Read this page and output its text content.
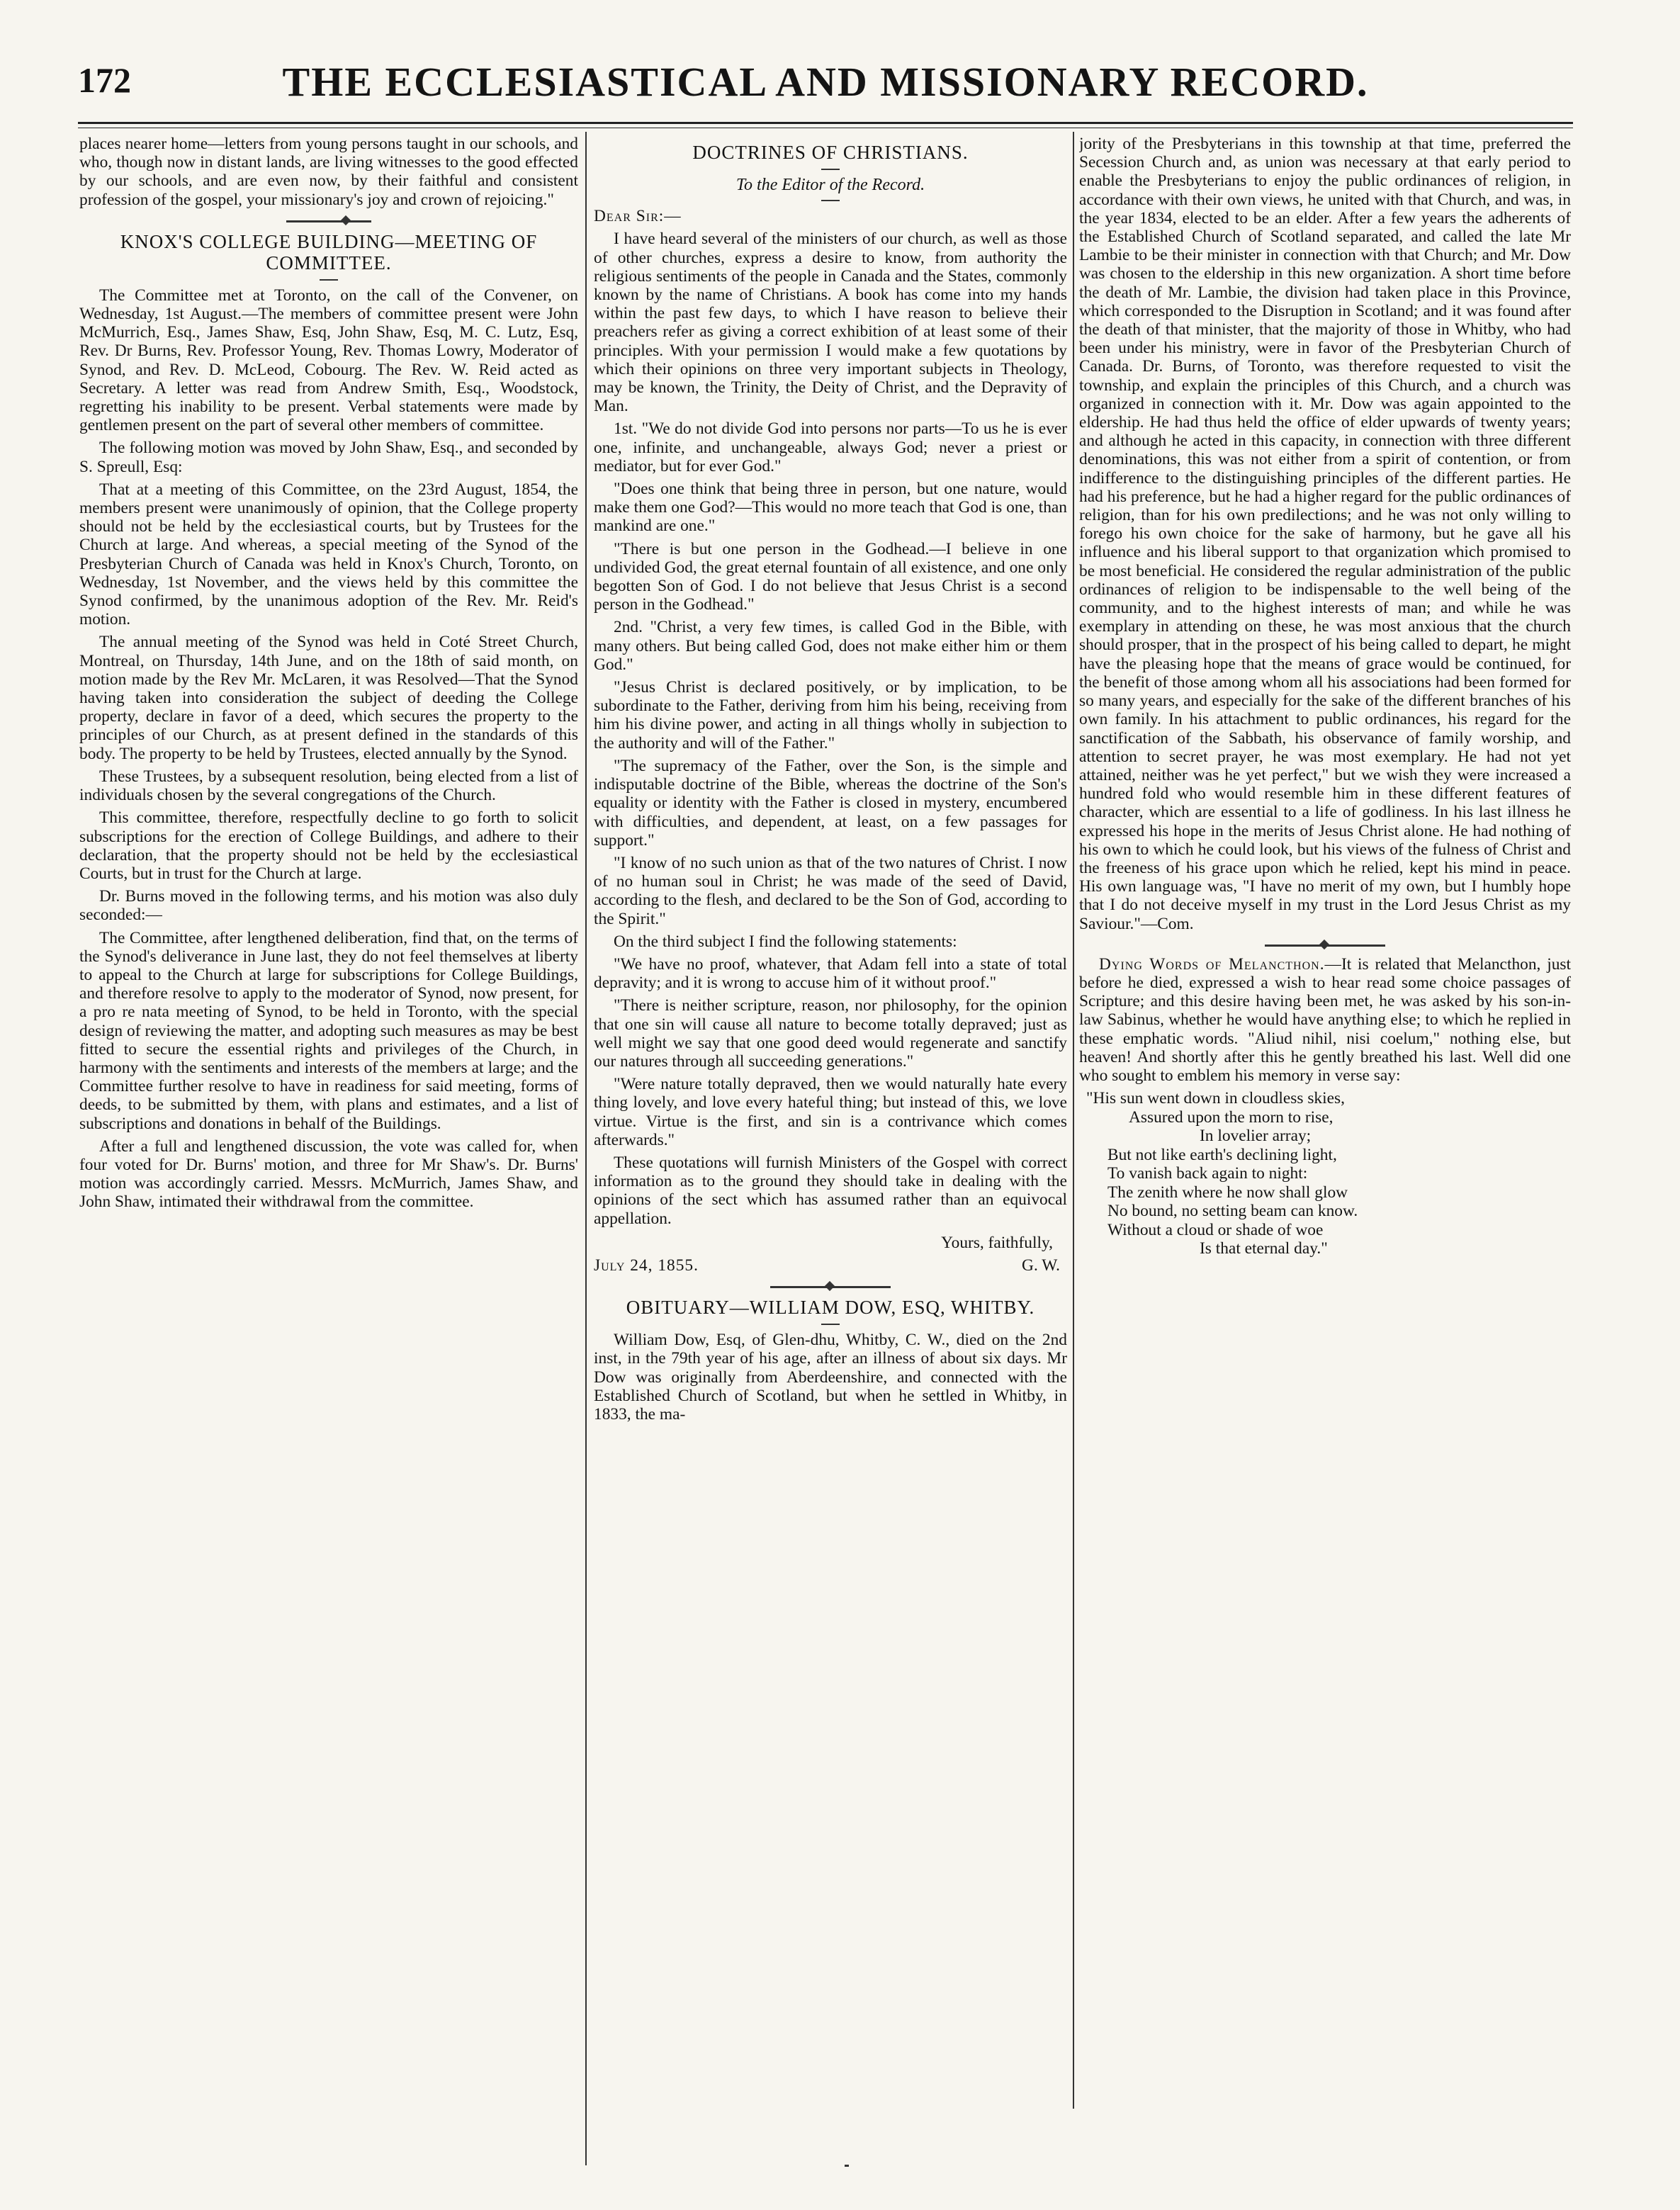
172	THE ECCLESIASTICAL AND MISSIONARY RECORD.

places nearer home—letters from young persons taught in our schools, and who, though now in distant lands, are living witnesses to the good effected by our schools, and are even now, by their faithful and consistent profession of the gospel, your missionary's joy and crown of rejoicing."

KNOX'S COLLEGE BUILDING—MEETING OF COMMITTEE.

The Committee met at Toronto, on the call of the Convener, on Wednesday, 1st August.—The members of committee present were John McMurrich, Esq., James Shaw, Esq, John Shaw, Esq, M. C. Lutz, Esq, Rev. Dr Burns, Rev. Professor Young, Rev. Thomas Lowry, Moderator of Synod, and Rev. D. McLeod, Cobourg. The Rev. W. Reid acted as Secretary. A letter was read from Andrew Smith, Esq., Woodstock, regretting his inability to be present. Verbal statements were made by gentlemen present on the part of several other members of committee.

The following motion was moved by John Shaw, Esq., and seconded by S. Spreull, Esq:

That at a meeting of this Committee, on the 23rd August, 1854, the members present were unanimously of opinion, that the College property should not be held by the ecclesiastical courts, but by Trustees for the Church at large. And whereas, a special meeting of the Synod of the Presbyterian Church of Canada was held in Knox's Church, Toronto, on Wednesday, 1st November, and the views held by this committee the Synod confirmed, by the unanimous adoption of the Rev. Mr. Reid's motion.

The annual meeting of the Synod was held in Coté Street Church, Montreal, on Thursday, 14th June, and on the 18th of said month, on motion made by the Rev Mr. McLaren, it was Resolved—That the Synod having taken into consideration the subject of deeding the College property, declare in favor of a deed, which secures the property to the principles of our Church, as at present defined in the standards of this body. The property to be held by Trustees, elected annually by the Synod.

These Trustees, by a subsequent resolution, being elected from a list of individuals chosen by the several congregations of the Church.

This committee, therefore, respectfully decline to go forth to solicit subscriptions for the erection of College Buildings, and adhere to their declaration, that the property should not be held by the ecclesiastical Courts, but in trust for the Church at large.

Dr. Burns moved in the following terms, and his motion was also duly seconded:—

The Committee, after lengthened deliberation, find that, on the terms of the Synod's deliverance in June last, they do not feel themselves at liberty to appeal to the Church at large for subscriptions for College Buildings, and therefore resolve to apply to the moderator of Synod, now present, for a pro re nata meeting of Synod, to be held in Toronto, with the special design of reviewing the matter, and adopting such measures as may be best fitted to secure the essential rights and privileges of the Church, in harmony with the sentiments and interests of the members at large; and the Committee further resolve to have in readiness for said meeting, forms of deeds, to be submitted by them, with plans and estimates, and a list of subscriptions and donations in behalf of the Buildings.

After a full and lengthened discussion, the vote was called for, when four voted for Dr. Burns' motion, and three for Mr Shaw's. Dr. Burns' motion was accordingly carried. Messrs. McMurrich, James Shaw, and John Shaw, intimated their withdrawal from the committee.

DOCTRINES OF CHRISTIANS.
To the Editor of the Record.

Dear Sir:—

I have heard several of the ministers of our church, as well as those of other churches, express a desire to know, from authority the religious sentiments of the people in Canada and the States, commonly known by the name of Christians. A book has come into my hands within the past few days, to which I have reason to believe their preachers refer as giving a correct exhibition of at least some of their principles. With your permission I would make a few quotations by which their opinions on three very important subjects in Theology, may be known, the Trinity, the Deity of Christ, and the Depravity of Man.

1st. "We do not divide God into persons nor parts—To us he is ever one, infinite, and unchangeable, always God; never a priest or mediator, but for ever God."

"Does one think that being three in person, but one nature, would make them one God?—This would no more teach that God is one, than mankind are one."

"There is but one person in the Godhead.—I believe in one undivided God, the great eternal fountain of all existence, and one only begotten Son of God. I do not believe that Jesus Christ is a second person in the Godhead."

2nd. "Christ, a very few times, is called God in the Bible, with many others. But being called God, does not make either him or them God."

"Jesus Christ is declared positively, or by implication, to be subordinate to the Father, deriving from him his being, receiving from him his divine power, and acting in all things wholly in subjection to the authority and will of the Father."

"The supremacy of the Father, over the Son, is the simple and indisputable doctrine of the Bible, whereas the doctrine of the Son's equality or identity with the Father is closed in mystery, encumbered with difficulties, and dependent, at least, on a few passages for support."

"I know of no such union as that of the two natures of Christ. I now of no human soul in Christ; he was made of the seed of David, according to the flesh, and declared to be the Son of God, according to the Spirit."

On the third subject I find the following statements:

"We have no proof, whatever, that Adam fell into a state of total depravity; and it is wrong to accuse him of it without proof."

"There is neither scripture, reason, nor philosophy, for the opinion that one sin will cause all nature to become totally depraved; just as well might we say that one good deed would regenerate and sanctify our natures through all succeeding generations."

"Were nature totally depraved, then we would naturally hate every thing lovely, and love every hateful thing; but instead of this, we love virtue. Virtue is the first, and sin is a contrivance which comes afterwards."

These quotations will furnish Ministers of the Gospel with correct information as to the ground they should take in dealing with the opinions of the sect which has assumed rather than an equivocal appellation.

Yours, faithfully,
July 24, 1855.	G. W.
OBITUARY—WILLIAM DOW, ESQ, WHITBY.

William Dow, Esq, of Glen-dhu, Whitby, C. W., died on the 2nd inst, in the 79th year of his age, after an illness of about six days. Mr Dow was originally from Aberdeenshire, and connected with the Established Church of Scotland, but when he settled in Whitby, in 1833, the ma-

jority of the Presbyterians in this township at that time, preferred the Secession Church and, as union was necessary at that early period to enable the Presbyterians to enjoy the public ordinances of religion, in accordance with their own views, he united with that Church, and was, in the year 1834, elected to be an elder. After a few years the adherents of the Established Church of Scotland separated, and called the late Mr Lambie to be their minister in connection with that Church; and Mr. Dow was chosen to the eldership in this new organization. A short time before the death of Mr. Lambie, the division had taken place in this Province, which corresponded to the Disruption in Scotland; and it was found after the death of that minister, that the majority of those in Whitby, who had been under his ministry, were in favor of the Presbyterian Church of Canada. Dr. Burns, of Toronto, was therefore requested to visit the township, and explain the principles of this Church, and a church was organized in connection with it. Mr. Dow was again appointed to the eldership. He had thus held the office of elder upwards of twenty years; and although he acted in this capacity, in connection with three different denominations, this was not either from a spirit of contention, or from indifference to the distinguishing principles of the different parties. He had his preference, but he had a higher regard for the public ordinances of religion, than for his own predilections; and he was not only willing to forego his own choice for the sake of harmony, but he gave all his influence and his liberal support to that organization which promised to be most beneficial. He considered the regular administration of the public ordinances of religion to be indispensable to the well being of the community, and to the highest interests of man; and while he was exemplary in attending on these, he was most anxious that the church should prosper, that in the prospect of his being called to depart, he might have the pleasing hope that the means of grace would be continued, for the benefit of those among whom all his associations had been formed for so many years, and especially for the sake of the different branches of his own family. In his attachment to public ordinances, his regard for the sanctification of the Sabbath, his observance of family worship, and attention to secret prayer, he was most exemplary. He had not yet attained, neither was he yet perfect," but we wish they were increased a hundred fold who would resemble him in these different features of character, which are essential to a life of godliness. In his last illness he expressed his hope in the merits of Jesus Christ alone. He had nothing of his own to which he could look, but his views of the fulness of Christ and the freeness of his grace upon which he relied, kept his mind in peace. His own language was, "I have no merit of my own, but I humbly hope that I do not deceive myself in my trust in the Lord Jesus Christ as my Saviour."—Com.

Dying Words of Melancthon.—It is related that Melancthon, just before he died, expressed a wish to hear read some choice passages of Scripture; and this desire having been met, he was asked by his son-in-law Sabinus, whether he would have anything else; to which he replied in these emphatic words. "Aliud nihil, nisi coelum," nothing else, but heaven! And shortly after this he gently breathed his last. Well did one who sought to emblem his memory in verse say:

"His sun went down in cloudless skies,
Assured upon the morn to rise,
In lovelier array;
But not like earth's declining light,
To vanish back again to night:
The zenith where he now shall glow
No bound, no setting beam can know.
Without a cloud or shade of woe
Is that eternal day."
